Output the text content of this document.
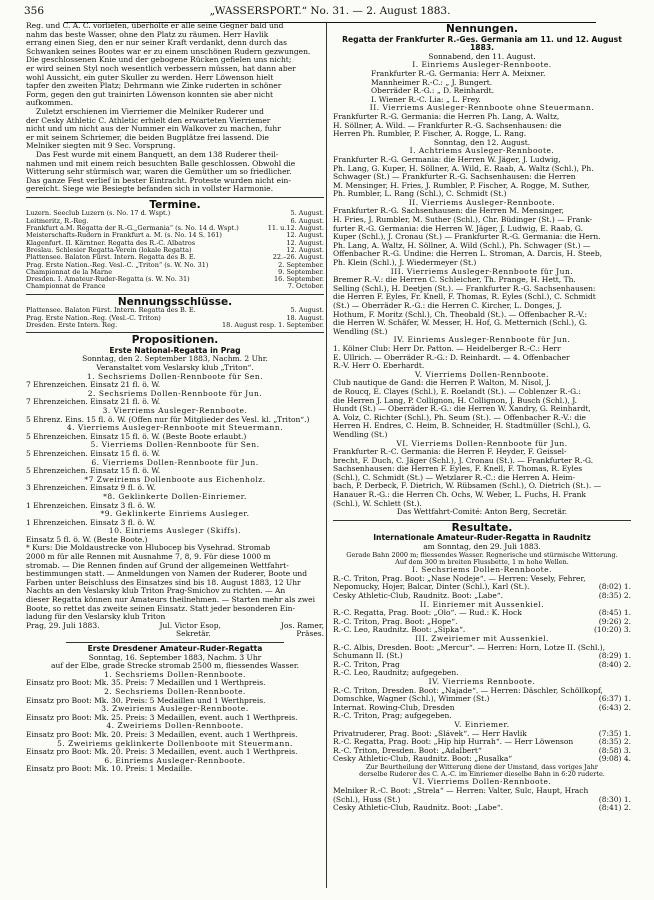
356	„WASSERSPORT.“ No. 31. — 2. August 1883.

Reg. und C. A. C. vorliefen, überholte er alle seine Gegner bald und

nahm das beste Wasser, ohne den Platz zu räumen. Herr Havlik

errang einen Sieg, den er nur seiner Kraft verdankt, denn durch das

Schwanken seines Bootes war er zu einem unschönen Rudern gezwungen.

Die geschlossenen Knie und der gebogene Rücken gefielen uns nicht;

er wird seinen Styl noch wesentlich verbessern müssen, hat dann aber

wohl Aussicht, ein guter Skuller zu werden. Herr Löwenson hielt

tapfer den zweiten Platz; Dehrmann wie Zinke ruderten in schöner

Form, gegen den gut trainirten Löwenson konnten sie aber nicht

aufkommen.

Zuletzt erschienen im Vierriemer die Melniker Ruderer und

der Cesky Athletic C. Athletic erhielt den erwarteten Vierriemer

nicht und um nicht aus der Nummer ein Walkover zu machen, fuhr

er mit seinem Schriemer, die beiden Bugplätze frei lassend. Die

Melniker siegten mit 9 Sec. Vorsprung.

Das Fest wurde mit einem Banquett, an dem 138 Ruderer theil-

nahmen und mit einem reich besuchten Balle geschlossen. Obwohl die

Witterung sehr stürmisch war, waren die Gemüther um so friedlicher.

Das ganze Fest verlief in bester Eintracht. Proteste wurden nicht ein-

gereicht. Siege wie Besiegte befanden sich in vollster Harmonie.

Termine.
Luzern. Seeclub Luzern (s. No. 17 d. Wspt.)	5. August.
Leitmeritz, R.-Reg.	6. August.
Frankfurt a.M. Regatta der R.-G.„Germania“ (s. No. 14 d. Wspt.)	11. u.12. August.
Meisterschafts-Rudern in Frankfurt a. M. (s. No. 14 S. 161)	12. August.
Klagenfurt. II. Kärntner. Regatta des R.-C. Albatros	12. August.
Breslau. Schlesier Regatta-Verein (lokale Regatta)	12. August.
Plattensee. Balaton Fürst. Intern. Regatta des B. E.	22.–26. August.
Prag. Erste Nation.-Reg. Vesl.-C. „Triton“ (s. W. No. 31)	2. September.
Championnat de la Marne	9. September.
Dresden. I. Amateur-Ruder-Regatta (s. W. No. 31)	16. September.
Championnat de France	7. October.
Nennungsschlüsse.
Plattensee. Balaton Fürst. Intern. Regatta des B. E.	5. August.
Prag. Erste Nation.-Reg. (Vesl.-C. Triton)	18. August.
Dresden. Erste Intern. Reg.	18. August resp. 1. September.
Propositionen.
Erste National-Regatta in Prag

Sonntag, den 2. September 1883, Nachm. 2 Uhr.

Veranstaltet vom Veslarsky klub „Triton“.

1. Sechsriems Dollen-Rennboote für Sen.

7 Ehrenzeichen. Einsatz 21 fl. ö. W.

2. Sechsriems Dollen-Rennboote für Jun.

7 Ehrenzeichen. Einsatz 21 fl. ö. W.

3. Vierriems Ausleger-Rennboote.

5 Ehrenz. Eins. 15 fl. ö. W. (Offen nur für Mitglieder des Vesl. kl. „Triton“.)

4. Vierriems Ausleger-Rennboote mit Steuermann.

5 Ehrenzeichen. Einsatz 15 fl. ö. W. (Beste Boote erlaubt.)

5. Vierriems Dollen-Rennboote für Sen.

5 Ehrenzeichen. Einsatz 15 fl. ö. W.

6. Vierriems Dollen-Rennboote für Jun.

5 Ehrenzeichen. Einsatz 15 fl. ö. W.

*7 Zweiriems Dollenboote aus Eichenholz.

3 Ehrenzeichen. Einsatz 9 fl. ö. W.

*8. Geklinkerte Dollen-Einriemer.

1 Ehrenzeichen. Einsatz 3 fl. ö. W.

*9. Geklinkerte Einriems Ausleger.

1 Ehrenzeichen. Einsatz 3 fl. ö. W.

10. Einriems Ausleger (Skiffs).

Einsatz 5 fl. ö. W. (Beste Boote.)

* Kurs: Die Moldaustrecke von Hlubocep bis Vysehrad. Stromab

2000 m für alle Rennen mit Ausnahme 7, 8, 9. Für diese 1000 m

stromab. — Die Rennen finden auf Grund der allgemeinen Wettfahrt-

bestimmungen statt. — Anmeldungen von Namen der Ruderer, Boote und

Farben unter Beischluss des Einsatzes sind bis 18. August 1883, 12 Uhr

Nachts an den Veslarsky klub Triton Prag-Smichov zu richten. — An

dieser Regatta können nur Amateurs theilnehmen. — Starten mehr als zwei

Boote, so rettet das zweite seinen Einsatz. Statt jeder besonderen Ein-

ladung für den Veslarsky klub Triton

Prag, 29. Juli 1883.	Jul. Victor Esop,	Jos. Ramer,
Sekretär.	Präses.
Erste Dresdener Amateur-Ruder-Regatta

Sonntag, 16. September 1883, Nachm. 3 Uhr

auf der Elbe, grade Strecke stromab 2500 m, fliessendes Wasser.

1. Sechsriems Dollen-Rennboote.

Einsatz pro Boot: Mk. 35. Preis: 7 Medaillen und 1 Werthpreis.

2. Sechsriems Dollen-Rennboote.

Einsatz pro Boot: Mk. 30. Preis: 5 Medaillen und 1 Werthpreis.

3. Zweiriems Ausleger-Rennboote.

Einsatz pro Boot: Mk. 25. Preis: 3 Medaillen, event. auch 1 Werthpreis.

4. Zweiriems Dollen-Rennboote.

Einsatz pro Boot: Mk. 20. Preis: 3 Medaillen, event. auch 1 Werthpreis.

5. Zweiriems geklinkerte Dollenboote mit Steuermann.

Einsatz pro Boot: Mk. 20. Preis: 3 Medaillen, event. auch 1 Werthpreis.

6. Einriems Ausleger-Rennboote.

Einsatz pro Boot: Mk. 10. Preis: 1 Medaille.

Nennungen.
Regatta der Frankfurter R.-Ges. Germania am 11. und 12. August 1883.

Sonnabend, den 11. August.

I. Einriems Ausleger-Rennboote.

Frankfurter R.-G. Germania: Herr A. Meixner.

Mannheimer R.-C.: „ J. Bungert.

Oberräder R.-G.: „ D. Reinhardt.

I. Wiener R.-C. Lia: „ L. Frey.

II. Vierriems Ausleger-Rennboote ohne Steuermann.

Frankfurter R.-G. Germania: die Herren Ph. Lang, A. Waltz,

H. Söllner, A. Wild. — Frankfurter R.-G. Sachsenhausen: die

Herren Ph. Rumbler, P. Fischer, A. Rogge, L. Rang.

Sonntag, den 12. August.

I. Achtriems Ausleger-Rennboote.

Frankfurter R.-G. Germania: die Herren W. Jäger, J. Ludwig,

Ph. Lang, G. Kuper, H. Söllner, A. Wild, E. Raab, A. Waltz (Schl.), Ph.

Schwager (St.) — Frankfurter R.-G. Sachsenhausen: die Herren

M. Mensinger, H. Fries, J. Rumbler, P. Fischer, A. Rogge, M. Suther,

Ph. Rumbler, L. Rang (Schl.), C. Schmidt (St.)

II. Vierriems Ausleger-Rennboote.

Frankfurter R.-G. Sachsenhausen: die Herren M. Mensinger,

H. Fries, J. Rumbler, M. Suther (Schl.), Chr. Büdinger (St.) — Frank-

furter R.-G. Germania: die Herren W. Jäger, J. Ludwig, E. Raab, G.

Kuper (Schl.), J. Cronau (St.) — Frankfurter R.-G. Germania: die Hern.

Ph. Lang, A. Waltz, H. Söllner, A. Wild (Schl.), Ph. Schwager (St.) —

Offenbacher R.-G. Undine: die Herren L. Stroman, A. Darcis, H. Steeb,

Ph. Klein (Schl.), J. Wiedermeyer (St.)

III. Vierriems Ausleger-Rennboote für Jun.

Bremer R.-V.: die Herren C. Schleicher, Th. Prange, H. Hett, Th.

Selling (Schl.), H. Deetjen (St.). — Frankfurter R.-G. Sachsenhausen:

die Herren F. Eyles, Fr. Knell, F. Thomas, R. Eyles (Schl.), C. Schmidt

(St.) — Oberräder R.-G.: die Herren C. Kircher, L. Donges, J.

Hothum, F. Moritz (Schl.), Ch. Theobald (St.). — Offenbacher R.-V.:

die Herren W. Schäfer, W. Messer, H. Hof, G. Metternich (Schl.), G.

Wendling (St.)

IV. Einriems Ausleger-Rennboote für Jun.

1. Kölner Club: Herr Dr. Patton. — Heidelberger R.-C.: Herr

E. Ullrich. — Oberräder R.-G.: D. Reinhardt. — 4. Offenbacher

R.-V. Herr O. Eberhardt.

V. Vierriems Dollen-Rennboote.

Club nautique de Gand: die Herren P. Walton, M. Nisol, J.

de Roucq, E. Clayes (Schl.), E. Roelandt (St.). — Coblenzer R.-G.:

die Herren J. Lang, P. Collignon, H. Collignon, J. Busch (Schl.), J.

Hundt (St.) — Oberräder R.-G.: die Herren W. Xandry, G. Reinhardt,

A. Volz, C. Richter (Schl.), Ph. Seum (St.). — Offenbacher R.-V.: die

Herren H. Endres, C. Heim, B. Schneider, H. Stadtmüller (Schl.), G.

Wendling (St.)

VI. Vierriems Dollen-Rennboote für Jun.

Frankfurter R.-C. Germania: die Herren F. Heyder, F. Geissel-

brecht, F. Duch, C. Jäger (Schl.), J. Cronau (St.). — Frankfurter R.-G.

Sachsenhausen: die Herren F. Eyles, F. Knell, F. Thomas, R. Eyles

(Schl.), C. Schmidt (St.) — Wetzlarer R.-C.: die Herren A. Heim-

bach, P. Derbeck, F. Dietrich, W. Rübsamen (Schl.), O. Dietrich (St.). —

Hanauer R.-G.: die Herren Ch. Ochs, W. Weber, L. Fuchs, H. Frank

(Schl.), W. Schlett (St.).

Das Wettfahrt-Comité: Anton Berg, Secretär.

Resultate.
Internationale Amateur-Ruder-Regatta in Raudnitz

am Sonntag, den 29. Juli 1883.

Gerade Bahn 2000 m; fliessendes Wasser. Regnerische und stürmische Witterung.

Auf dem 300 m breiten Flussbette, 1 m hohe Wellen.

I. Sechsriems Dollen-Rennboote.

R.-C. Triton, Prag. Boot: „Nase Nodeje“. — Herren: Vesely, Fehrer,
Nepomucky, Hojer, Balcar, Dinter (Schl.), Karl (St.).	(8:02) 1.
Cesky Athletic-Club, Raudnitz. Boot: „Labe“.	(8:35) 2.

II. Einriemer mit Aussenkiel.

R.-C. Regatta, Prag. Boot: „Olo“. — Rud.: K. Hock	(8:45) 1.
R.-C. Triton, Prag. Boot: „Hope“.	(9:26) 2.
R.-C. Leo, Raudnitz. Boot: „Sipka“.	(10:20) 3.

III. Zweiriemer mit Aussenkiel.

R.-C. Albis, Dresden. Boot: „Mercur“. — Herren: Horn, Lotze II. (Schl.),
Schumann II. (St.)	(8:29) 1.
R.-C. Triton, Prag	(8:40) 2.
R.-C. Leo, Raudnitz; aufgegeben.

IV. Vierriems Rennboote.

R.-C. Triton, Dresden. Boot: „Najade“. — Herren: Däschler, Schöllkopf,
Domschke, Wagner (Schl.), Wimmer (St.)	(6:37) 1.
Internat. Rowing-Club, Dresden	(6:43) 2.
R.-C. Triton, Prag; aufgegeben.

V. Einriemer.

Privatruderer, Prag. Boot: „Slávek“. — Herr Havlik	(7:35) 1.
R.-C. Regatta, Prag. Boot: „Hip hip Hurrah“. — Herr Löwenson	(8:35) 2.
R.-C. Triton, Dresden. Boot: „Adalbert“	(8:58) 3.
Cesky Athletic-Club, Raudnitz. Boot: „Rusalka“	(9:08) 4.

Zur Beurtheilung der Witterung diene der Umstand, dass voriges Jahr

derselbe Ruderer des C. A.-C. im Einriemer dieselbe Bahn in 6:20 ruderte.

VI. Vierriems Dollen-Rennboote.

Melniker R.-C. Boot: „Strela“ — Herren: Valter, Sulc, Haupt, Hrach
(Schl.), Huss (St.)	(8:30) 1.
Cesky Athletic-Club, Raudnitz. Boot: „Labe“.	(8:41) 2.
